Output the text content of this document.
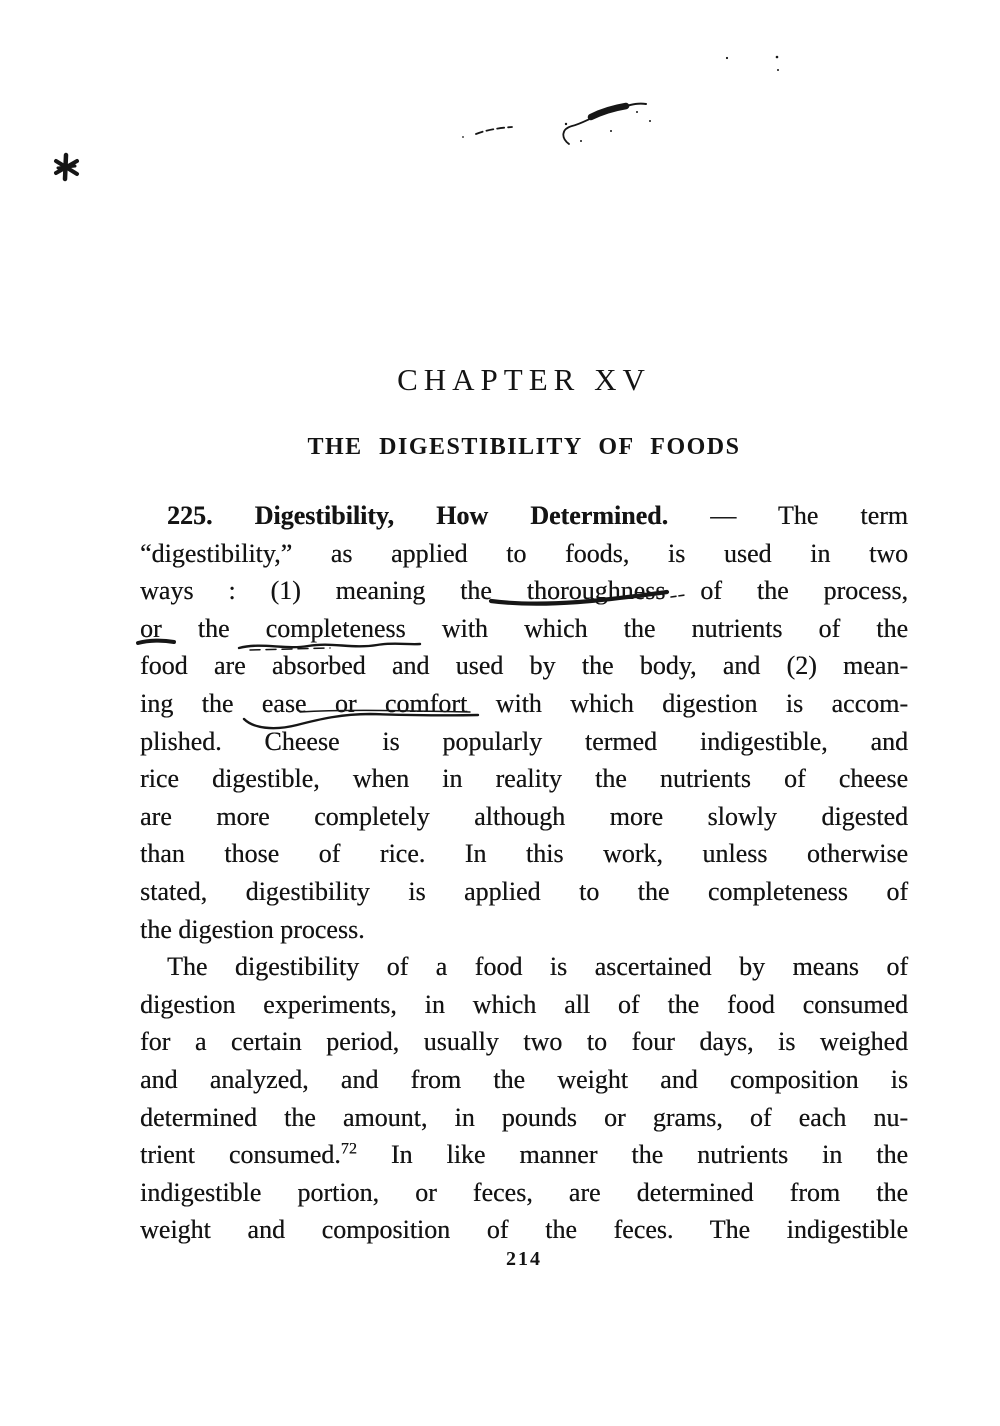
CHAPTER XV
THE DIGESTIBILITY OF FOODS
225. Digestibility, How Determined. — The term
“digestibility,” as applied to foods, is used in two
ways : (1) meaning the thoroughness of the process,
or the completeness with which the nutrients of the
food are absorbed and used by the body, and (2) mean-
ing the ease or comfort with which digestion is accom-
plished. Cheese is popularly termed indigestible, and
rice digestible, when in reality the nutrients of cheese
are more completely although more slowly digested
than those of rice. In this work, unless otherwise
stated, digestibility is applied to the completeness of
the digestion process.
The digestibility of a food is ascertained by means of
digestion experiments, in which all of the food consumed
for a certain period, usually two to four days, is weighed
and analyzed, and from the weight and composition is
determined the amount, in pounds or grams, of each nu-
trient consumed.$^{72}$ In like manner the nutrients in the
indigestible portion, or feces, are determined from the
weight and composition of the feces. The indigestible
214
